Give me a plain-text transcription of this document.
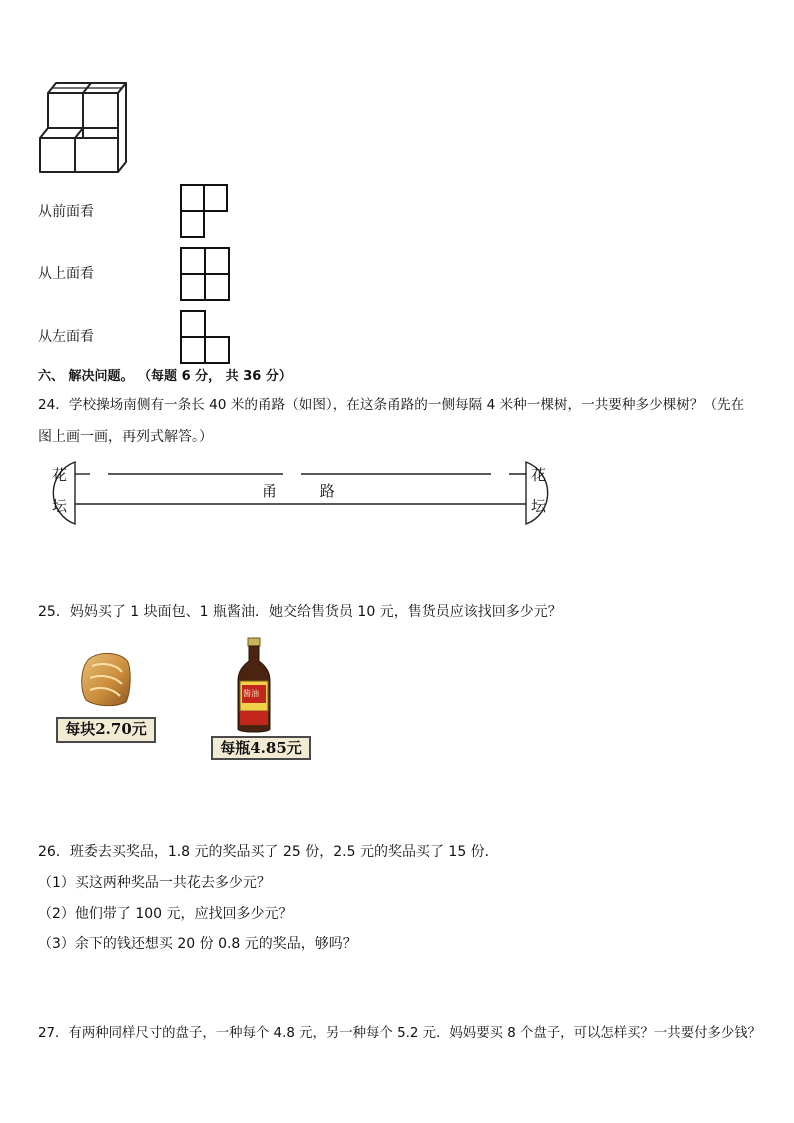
从前面看
从上面看
从左面看
六、 解决问题。 （每题 6 分， 共 36 分）
24．学校操场南侧有一条长 40 米的甬路（如图），在这条甬路的一侧每隔 4 米种一棵树，一共要种多少棵树？（先在
图上画一画，再列式解答。）
花
坛
花
坛
甬 路
25．妈妈买了 1 块面包、1 瓶酱油．她交给售货员 10 元，售货员应该找回多少元？
每块2.70元
酱油
每瓶4.85元
26．班委去买奖品，1.8 元的奖品买了 25 份，2.5 元的奖品买了 15 份．
（1）买这两种奖品一共花去多少元？
（2）他们带了 100 元，应找回多少元？
（3）余下的钱还想买 20 份 0.8 元的奖品，够吗？
27．有两种同样尺寸的盘子，一种每个 4.8 元，另一种每个 5.2 元．妈妈要买 8 个盘子，可以怎样买？一共要付多少钱？
